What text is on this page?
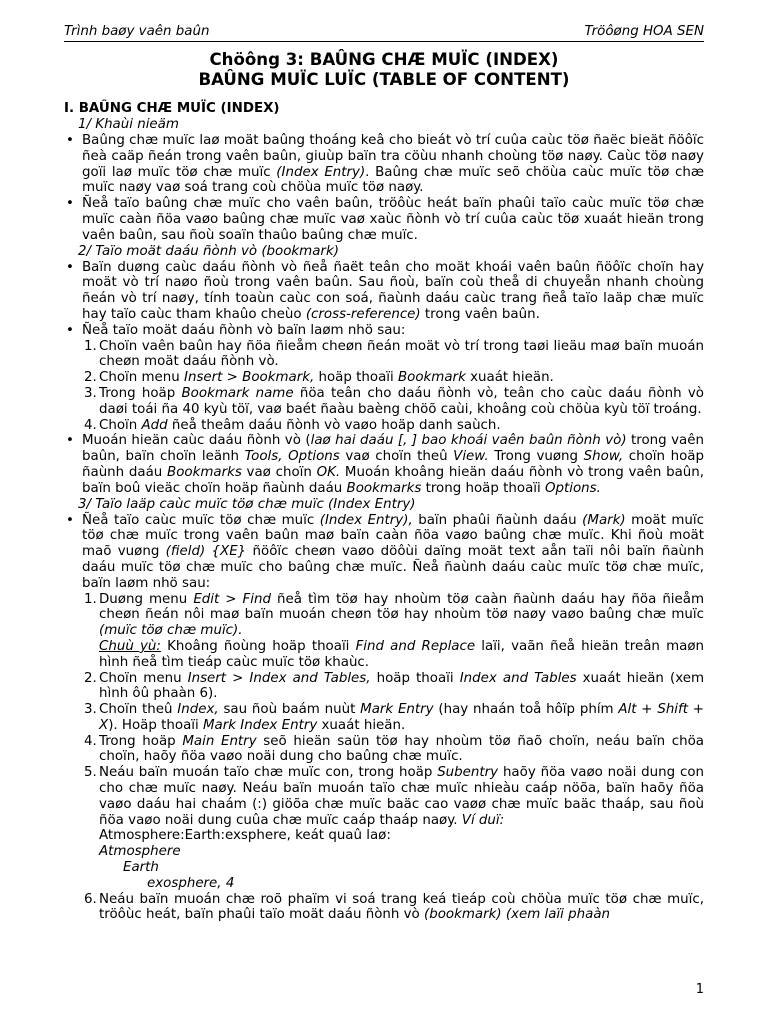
Trình baøy vaên baûn	Tröôøng HOA SEN
Chöông 3: BAÛNG CHÆ MUÏC (INDEX)
BAÛNG MUÏC LUÏC (TABLE OF CONTENT)
I. BAÛNG CHÆ MUÏC (INDEX)
1/ Khaùi nieäm
• Baûng chæ muïc laø moät baûng thoáng keâ cho bieát vò trí cuûa caùc töø ñaëc bieät ñöôïc ñeà caäp ñeán trong vaên baûn, giuùp baïn tra cöùu nhanh choùng töø naøy. Caùc töø naøy goïi laø muïc töø chæ muïc (Index Entry). Baûng chæ muïc seõ chöùa caùc muïc töø chæ muïc naøy vaø soá trang coù chöùa muïc töø naøy.
• Ñeå taïo baûng chæ muïc cho vaên baûn, tröôùc heát baïn phaûi taïo caùc muïc töø chæ muïc caàn ñöa vaøo baûng chæ muïc vaø xaùc ñònh vò trí cuûa caùc töø xuaát hieän trong vaên baûn, sau ñoù soaïn thaûo baûng chæ muïc.
2/ Taïo moät daáu ñònh vò (bookmark)
• Baïn duøng caùc daáu ñònh vò ñeå ñaët teân cho moät khoái vaên baûn ñöôïc choïn hay moät vò trí naøo ñoù trong vaên baûn. Sau ñoù, baïn coù theå di chuyeån nhanh choùng ñeán vò trí naøy, tính toaùn caùc con soá, ñaùnh daáu caùc trang ñeå taïo laäp chæ muïc hay taïo caùc tham khaûo cheùo (cross-reference) trong vaên baûn.
• Ñeå taïo moät daáu ñònh vò baïn laøm nhö sau:
1. Choïn vaên baûn hay ñöa ñieåm cheøn ñeán moät vò trí trong taøi lieäu maø baïn muoán cheøn moät daáu ñònh vò.
2. Choïn menu Insert > Bookmark, hoäp thoaïi Bookmark xuaát hieän.
3. Trong hoäp Bookmark name ñöa teân cho daáu ñònh vò, teân cho caùc daáu ñònh vò daøi toái ña 40 kyù töï, vaø baét ñaàu baèng chöõ caùi, khoâng coù chöùa kyù töï troáng.
4. Choïn Add ñeå theâm daáu ñònh vò vaøo hoäp danh saùch.
• Muoán hieän caùc daáu ñònh vò (laø hai daáu [, ] bao khoái vaên baûn ñònh vò) trong vaên baûn, baïn choïn leänh Tools, Options vaø choïn theû View. Trong vuøng Show, choïn hoäp ñaùnh daáu Bookmarks vaø choïn OK. Muoán khoâng hieän daáu ñònh vò trong vaên baûn, baïn boû vieäc choïn hoäp ñaùnh daáu Bookmarks trong hoäp thoaïi Options.
3/ Taïo laäp caùc muïc töø chæ muïc (Index Entry)
• Ñeå taïo caùc muïc töø chæ muïc (Index Entry), baïn phaûi ñaùnh daáu (Mark) moät muïc töø chæ muïc trong vaên baûn maø baïn caàn ñöa vaøo baûng chæ muïc. Khi ñoù moät maõ vuøng (field) {XE} ñöôïc cheøn vaøo döôùi daïng moät text aån taïi nôi baïn ñaùnh daáu muïc töø chæ muïc cho baûng chæ muïc. Ñeå ñaùnh daáu caùc muïc töø chæ muïc, baïn laøm nhö sau:
1. Duøng menu Edit > Find ñeå tìm töø hay nhoùm töø caàn ñaùnh daáu hay ñöa ñieåm cheøn ñeán nôi maø baïn muoán cheøn töø hay nhoùm töø naøy vaøo baûng chæ muïc (muïc töø chæ muïc).
Chuù yù: Khoâng ñoùng hoäp thoaïi Find and Replace laïi, vaãn ñeå hieän treân maøn hình ñeå tìm tieáp caùc muïc töø khaùc.
2. Choïn menu Insert > Index and Tables, hoäp thoaïi Index and Tables xuaát hieän (xem hình ôû phaàn 6).
3. Choïn theû Index, sau ñoù baám nuùt Mark Entry (hay nhaán toå hôïp phím Alt + Shift + X). Hoäp thoaïi Mark Index Entry xuaát hieän.
4. Trong hoäp Main Entry seõ hieän saün töø hay nhoùm töø ñaõ choïn, neáu baïn chöa choïn, haõy ñöa vaøo noäi dung cho baûng chæ muïc.
5. Neáu baïn muoán taïo chæ muïc con, trong hoäp Subentry haõy ñöa vaøo noäi dung con cho chæ muïc naøy. Neáu baïn muoán taïo chæ muïc nhieàu caáp nöõa, baïn haõy ñöa vaøo daáu hai chaám (:) giöõa chæ muïc baäc cao vaøø chæ muïc baäc thaáp, sau ñoù ñöa vaøo noäi dung cuûa chæ muïc caáp thaáp naøy. Ví duï:
Atmosphere:Earth:exsphere, keát quaû laø:
Atmosphere
Earth
exosphere, 4
6. Neáu baïn muoán chæ roõ phaïm vi soá trang keá tieáp coù chöùa muïc töø chæ muïc, tröôùc heát, baïn phaûi taïo moät daáu ñònh vò (bookmark) (xem laïi phaàn
1
